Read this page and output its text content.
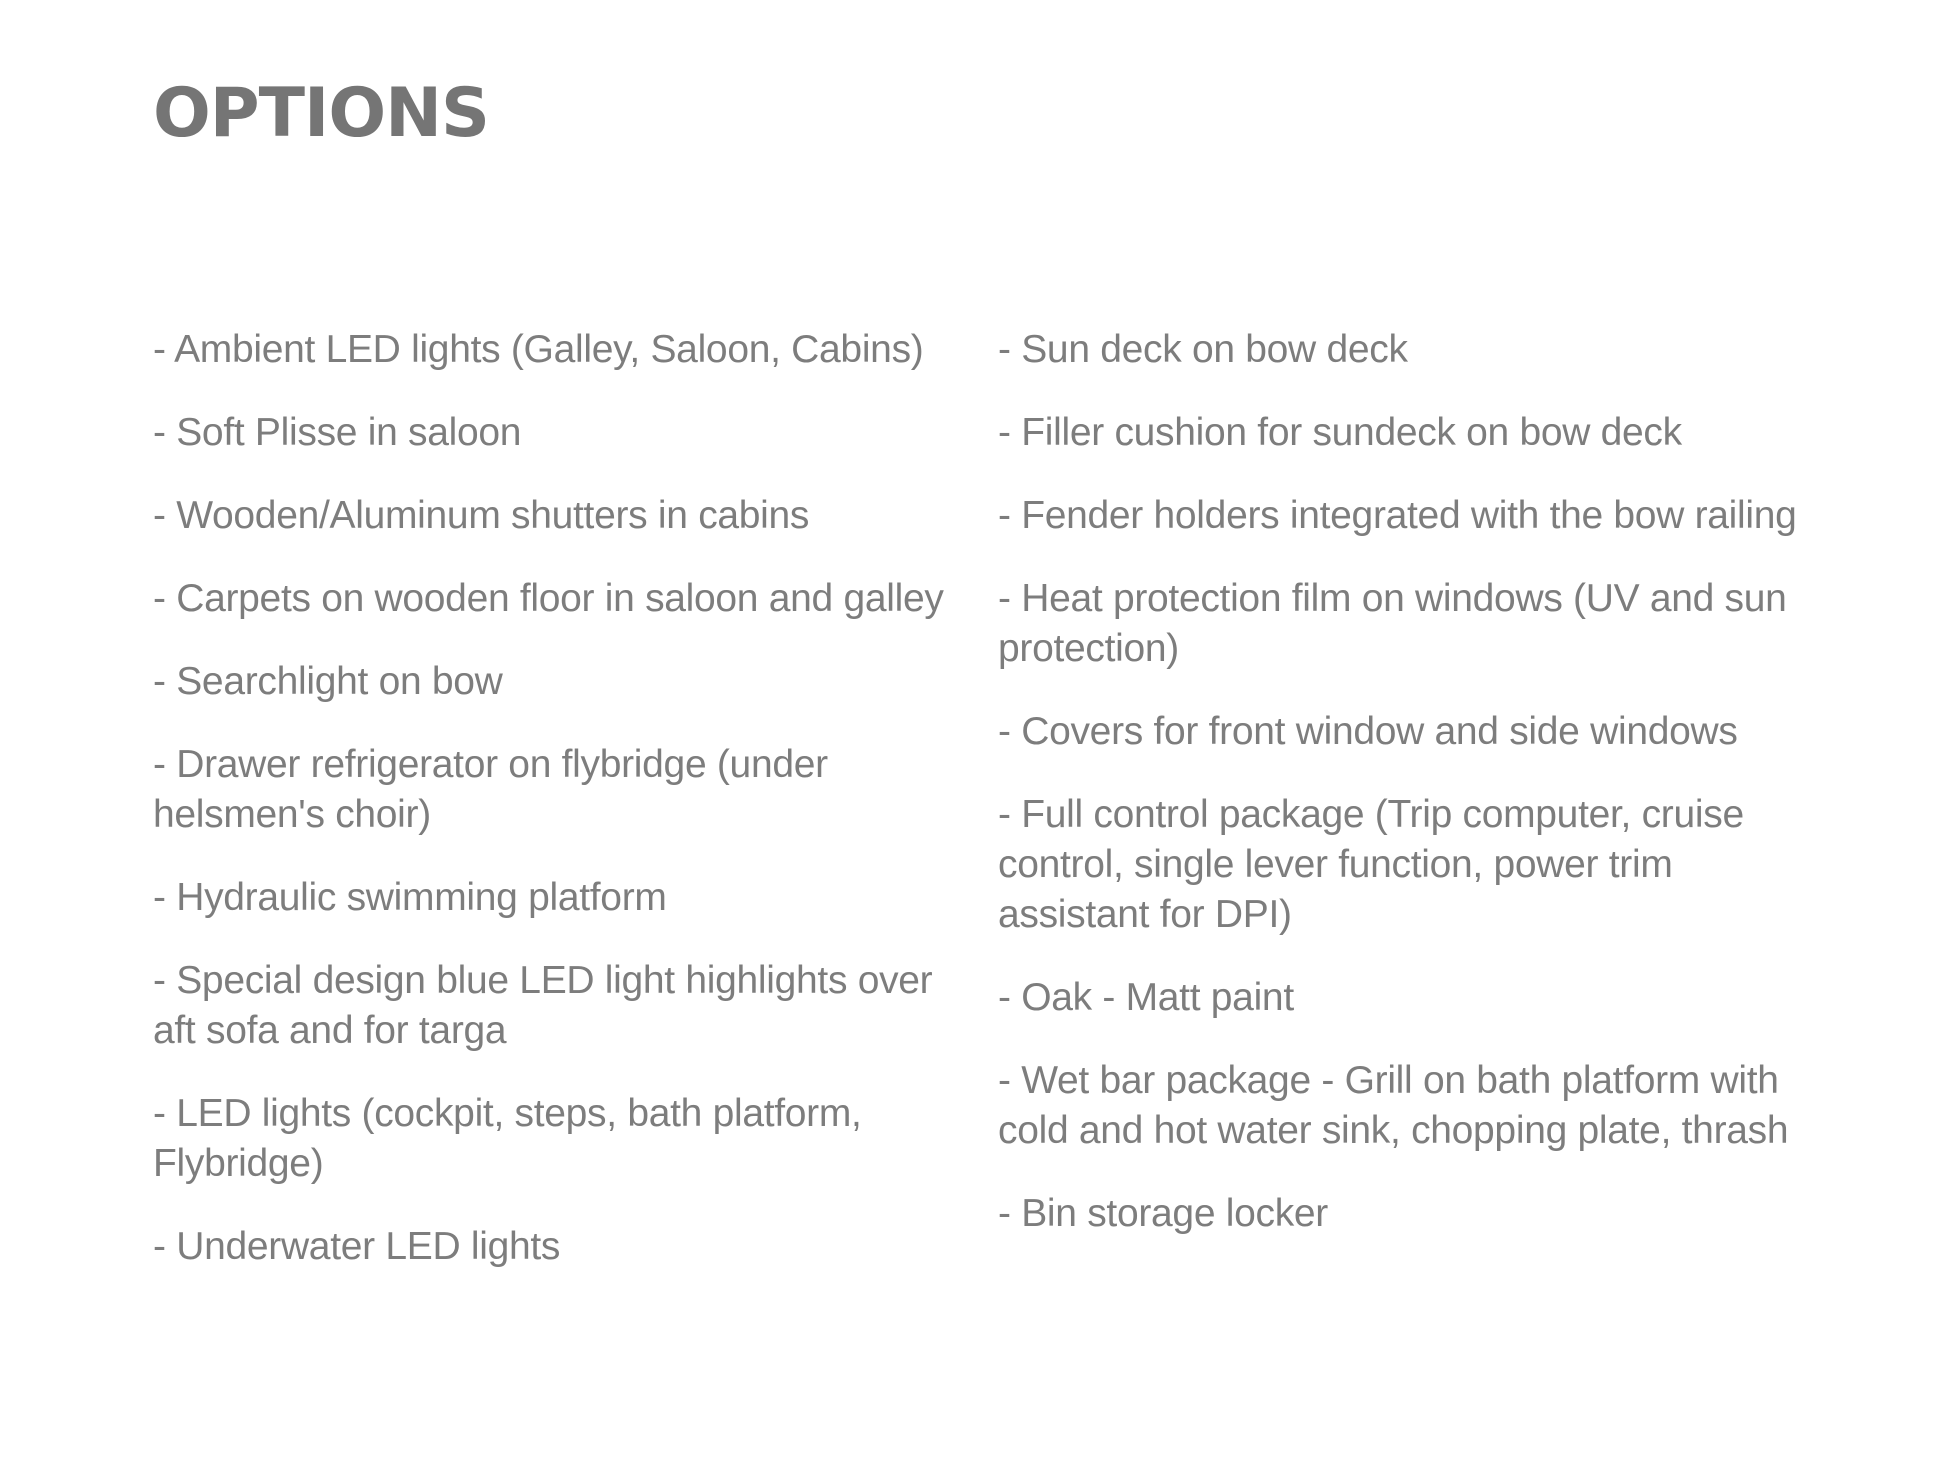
OPTIONS
- Ambient LED lights (Galley, Saloon, Cabins)
- Soft Plisse in saloon
- Wooden/Aluminum shutters in cabins
- Carpets on wooden floor in saloon and galley
- Searchlight on bow
- Drawer refrigerator on flybridge (under helsmen's choir)
- Hydraulic swimming platform
- Special design blue LED light highlights over aft sofa and for targa
- LED lights (cockpit, steps, bath platform, Flybridge)
- Underwater LED lights
- Sun deck on bow deck
- Filler cushion for sundeck on bow deck
- Fender holders integrated with the bow railing
- Heat protection film on windows (UV and sun protection)
- Covers for front window and side windows
- Full control package (Trip computer, cruise control, single lever function, power trim assistant for DPI)
- Oak - Matt paint
- Wet bar package - Grill on bath platform with cold and hot water sink, chopping plate, thrash
- Bin storage locker
